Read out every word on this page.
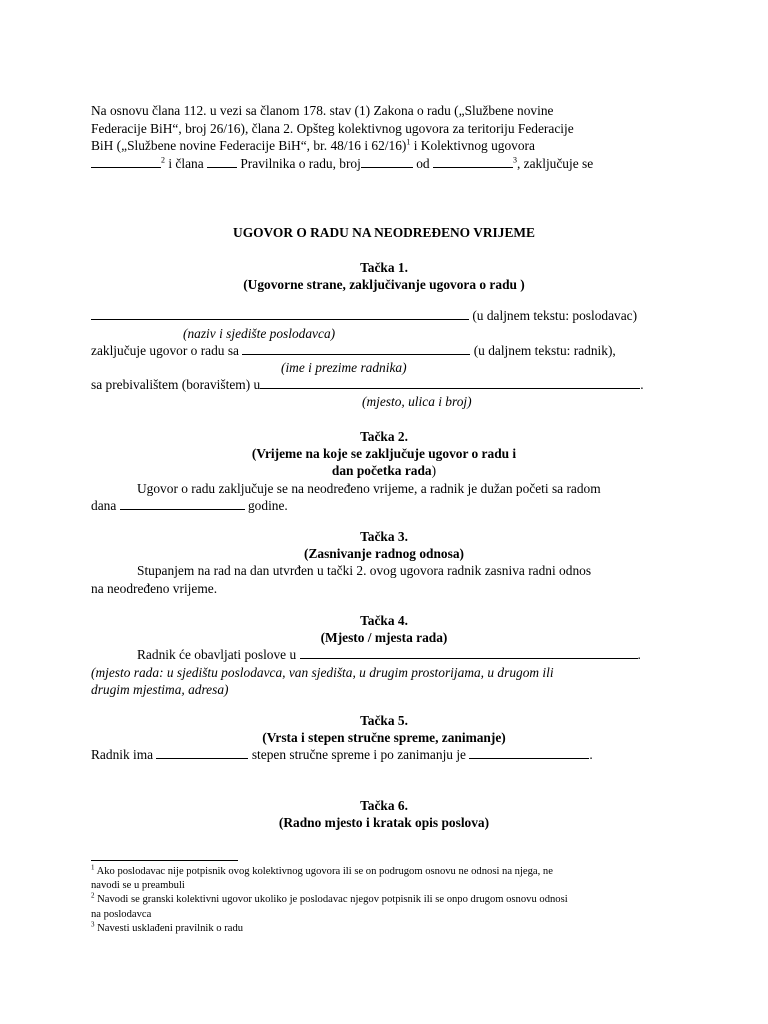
Na osnovu člana 112. u vezi sa članom 178. stav (1) Zakona o radu („Službene novine
Federacije BiH“, broj 26/16), člana 2. Opšteg kolektivnog ugovora za teritoriju Federacije
BiH („Službene novine Federacije BiH“, br. 48/16 i 62/16)$^1$ i Kolektivnog ugovora
$^2$ i člana  Pravilnika o radu, broj	od	$^3$, zaključuje se
UGOVOR O RADU NA NEODREĐENO VRIJEME
Tačka 1.
(Ugovorne strane, zaključivanje ugovora o radu )
(u daljnem tekstu: poslodavac)
(naziv i sjedište poslodavca)
zaključuje ugovor o radu sa	(u daljnem tekstu: radnik),
(ime i prezime radnika)
sa prebivalištem (boravištem) u	.
(mjesto, ulica i broj)
Tačka 2.
(Vrijeme na koje se zaključuje ugovor o radu i
dan početka rada)
Ugovor o radu zaključuje se na neodređeno vrijeme, a radnik je dužan početi sa radom
dana	godine.
Tačka 3.
(Zasnivanje radnog odnosa)
Stupanjem na rad na dan utvrđen u tački 2. ovog ugovora radnik zasniva radni odnos
na neodređeno vrijeme.
Tačka 4.
(Mjesto / mjesta rada)
Radnik će obavljati poslove u	.
(mjesto rada: u sjedištu poslodavca, van sjedišta, u drugim prostorijama, u drugom ili
drugim mjestima, adresa)
Tačka 5.
(Vrsta i stepen stručne spreme, zanimanje)
Radnik ima	stepen stručne spreme i po zanimanju je	.
Tačka 6.
(Radno mjesto i kratak opis poslova)
$^1$ Ako poslodavac nije potpisnik ovog kolektivnog ugovora ili se on podrugom osnovu ne odnosi na njega, ne
navodi se u preambuli
$^2$ Navodi se granski kolektivni ugovor ukoliko je poslodavac njegov potpisnik ili se onpo drugom osnovu odnosi
na poslodavca
$^3$ Navesti usklađeni pravilnik o radu
